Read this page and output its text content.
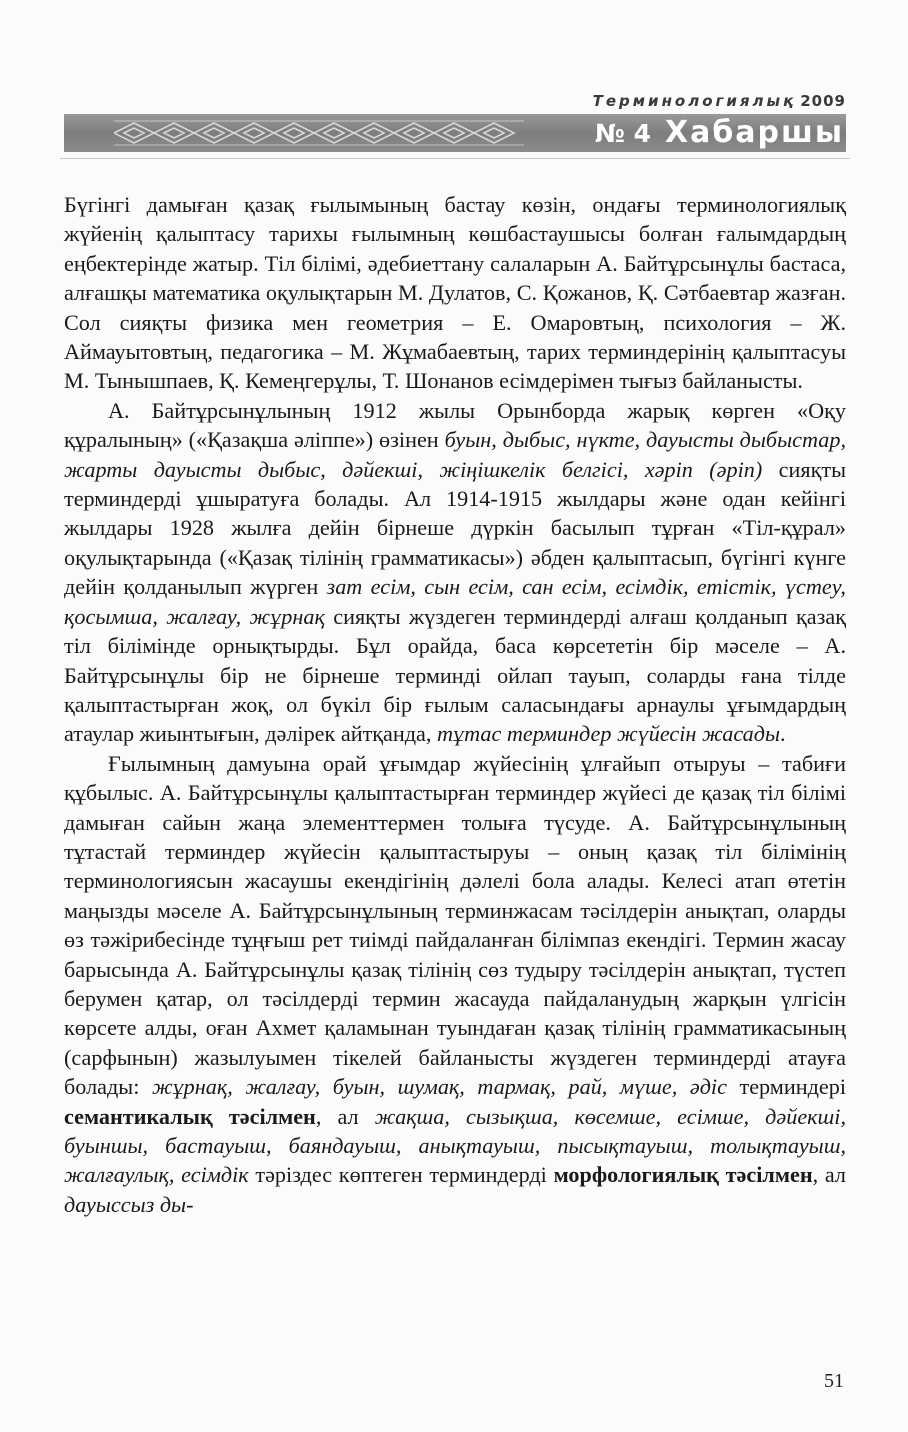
Терминологиялық 2009
№ 4 Хабаршы

Бүгінгі дамыған қазақ ғылымының бастау көзін, ондағы терминологиялық жүйенің қалыптасу тарихы ғылымның көшбастаушысы болған ғалымдардың еңбектерінде жатыр. Тіл білімі, әдебиеттану салаларын А. Байтұрсынұлы бастаса, алғашқы математика оқулықтарын М. Дулатов, С. Қожанов, Қ. Сәтбаевтар жазған. Сол сияқты физика мен геометрия – Е. Омаровтың, психология – Ж. Аймауытовтың, педагогика – М. Жұмабаевтың, тарих терминдерінің қалыптасуы М. Тынышпаев, Қ. Кемеңгерұлы, Т. Шонанов есімдерімен тығыз байланысты.

А. Байтұрсынұлының 1912 жылы Орынборда жарық көрген «Оқу құралының» («Қазақша әліппе») өзінен буын, дыбыс, нүкте, дауысты дыбыстар, жарты дауысты дыбыс, дәйекші, жіңішкелік белгісі, хәріп (әріп) сияқты терминдерді ұшыратуға болады. Ал 1914-1915 жылдары және одан кейінгі жылдары 1928 жылға дейін бірнеше дүркін басылып тұрған «Тіл-құрал» оқулықтарында («Қазақ тілінің грамматикасы») әбден қалыптасып, бүгінгі күнге дейін қолданылып жүрген зат есім, сын есім, сан есім, есімдік, етістік, үстеу, қосымша, жалғау, жұрнақ сияқты жүздеген терминдерді алғаш қолданып қазақ тіл білімінде орнықтырды. Бұл орайда, баса көрсететін бір мәселе – А. Байтұрсынұлы бір не бірнеше терминді ойлап тауып, соларды ғана тілде қалыптастырған жоқ, ол бүкіл бір ғылым саласындағы арнаулы ұғымдардың атаулар жиынтығын, дәлірек айтқанда, тұтас терминдер жүйесін жасады.

Ғылымның дамуына орай ұғымдар жүйесінің ұлғайып отыруы – табиғи құбылыс. А. Байтұрсынұлы қалыптастырған терминдер жүйесі де қазақ тіл білімі дамыған сайын жаңа элементтермен толыға түсуде. А. Байтұрсынұлының тұтастай терминдер жүйесін қалыптастыруы – оның қазақ тіл білімінің терминологиясын жасаушы екендігінің дәлелі бола алады. Келесі атап өтетін маңызды мәселе А. Байтұрсынұлының терминжасам тәсілдерін анықтап, оларды өз тәжірибесінде тұңғыш рет тиімді пайдаланған білімпаз екендігі. Термин жасау барысында А. Байтұрсынұлы қазақ тілінің сөз тудыру тәсілдерін анықтап, түстеп берумен қатар, ол тәсілдерді термин жасауда пайдаланудың жарқын үлгісін көрсете алды, оған Ахмет қаламынан туындаған қазақ тілінің грамматикасының (сарфынын) жазылуымен тікелей байланысты жүздеген терминдерді атауға болады: жұрнақ, жалғау, буын, шумақ, тармақ, рай, мүше, әдіс терминдері семантикалық тәсілмен, ал жақша, сызықша, көсемше, есімше, дәйекші, буыншы, бастауыш, баяндауыш, анықтауыш, пысықтауыш, толықтауыш, жалғаулық, есімдік тәріздес көптеген терминдерді морфологиялық тәсілмен, ал дауыссыз ды-

51
